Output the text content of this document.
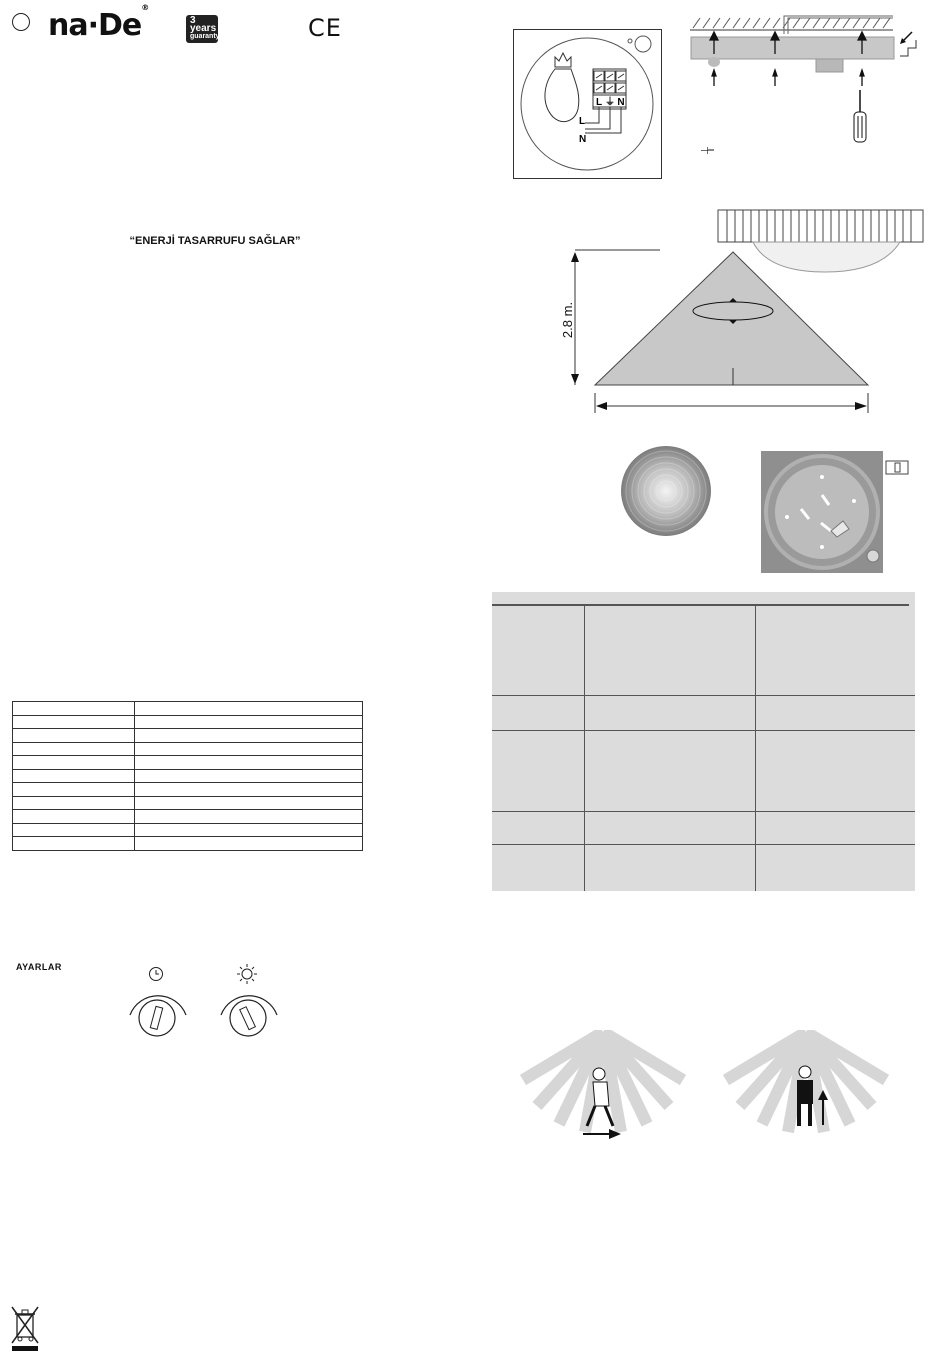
na·De®
3 years
guaranty	CE
“ENERJİ TASARRUFU SAĞLAR”

AYARLAR
L ⏚ N
L
N
⊣
2.8 m.
